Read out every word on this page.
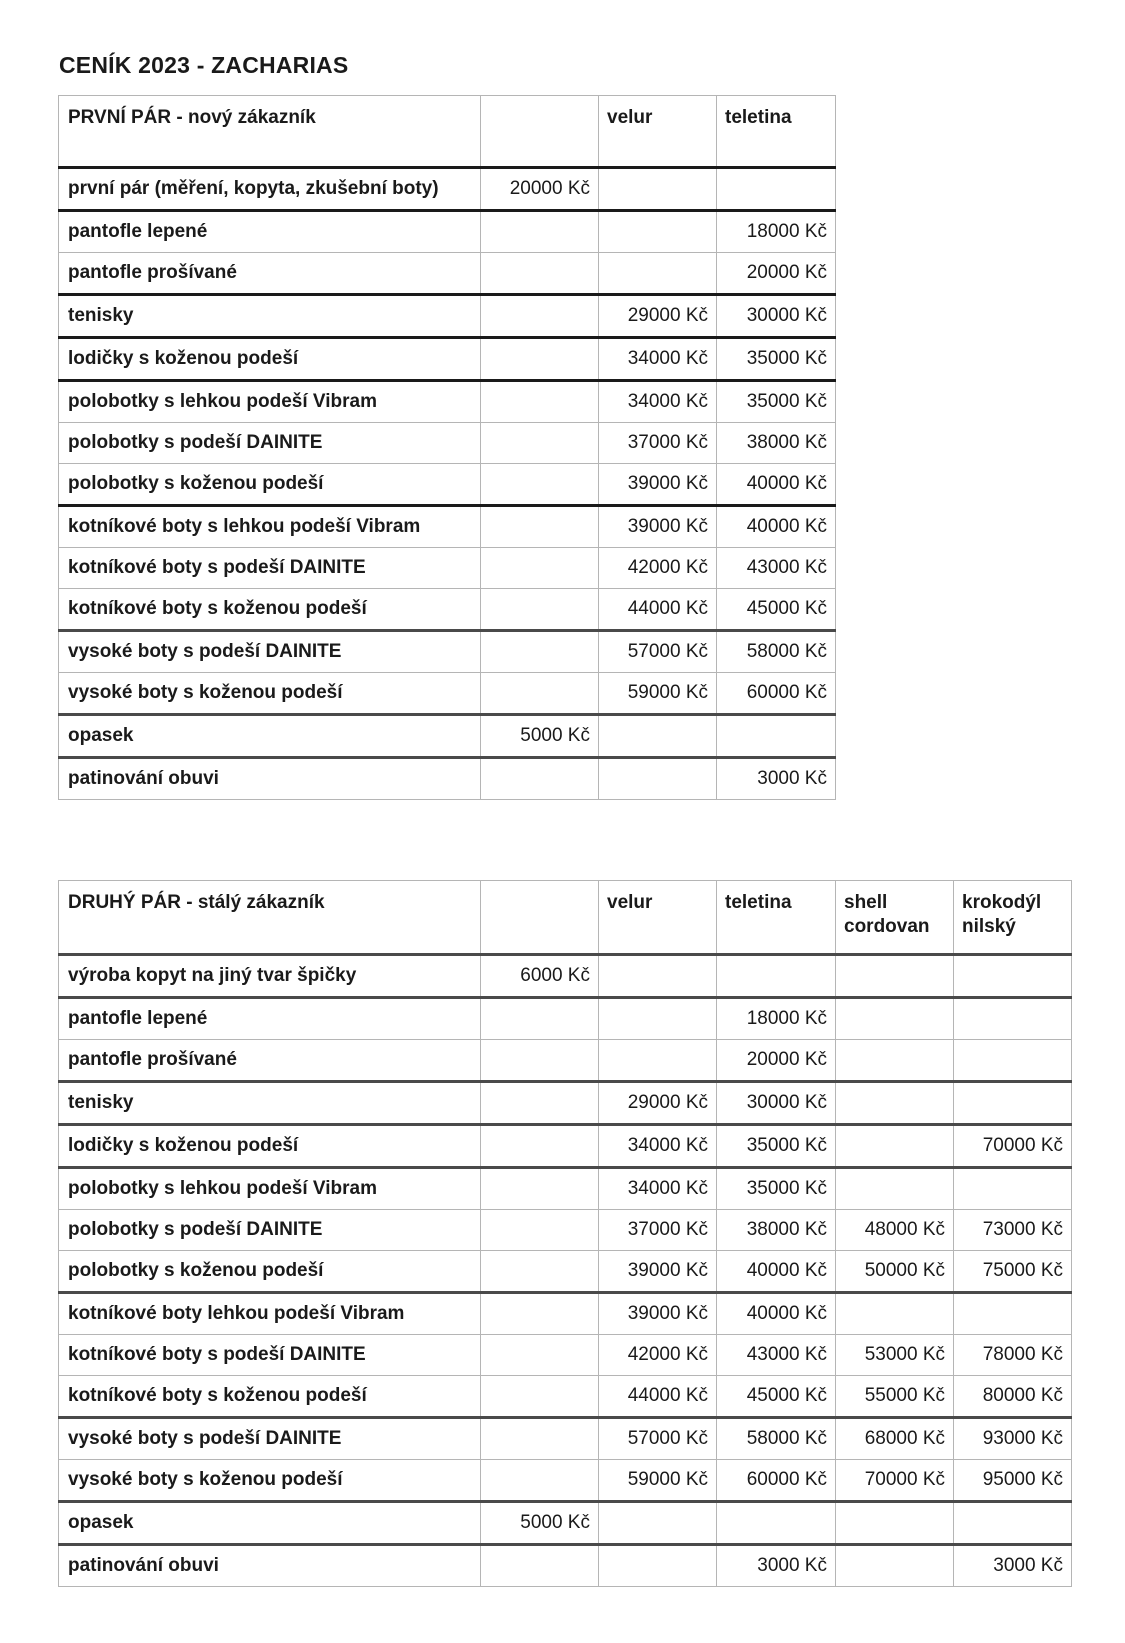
CENÍK 2023 - ZACHARIAS
PRVNÍ PÁR - nový zákazník		velur	teletina
první pár (měření, kopyta, zkušební boty)	20000 Kč		
pantofle lepené			18000 Kč
pantofle prošívané			20000 Kč
tenisky		29000 Kč	30000 Kč
lodičky s koženou podeší		34000 Kč	35000 Kč
polobotky s lehkou podeší Vibram		34000 Kč	35000 Kč
polobotky s podeší DAINITE		37000 Kč	38000 Kč
polobotky s koženou podeší		39000 Kč	40000 Kč
kotníkové boty s lehkou podeší Vibram		39000 Kč	40000 Kč
kotníkové boty s podeší DAINITE		42000 Kč	43000 Kč
kotníkové boty s koženou podeší		44000 Kč	45000 Kč
vysoké boty s podeší DAINITE		57000 Kč	58000 Kč
vysoké boty s koženou podeší		59000 Kč	60000 Kč
opasek	5000 Kč		
patinování obuvi			3000 Kč
DRUHÝ PÁR - stálý zákazník		velur	teletina	shell cordovan	krokodýl nilský
výroba kopyt na jiný tvar špičky	6000 Kč				
pantofle lepené			18000 Kč		
pantofle prošívané			20000 Kč		
tenisky		29000 Kč	30000 Kč		
lodičky s koženou podeší		34000 Kč	35000 Kč		70000 Kč
polobotky s lehkou podeší Vibram		34000 Kč	35000 Kč		
polobotky s podeší DAINITE		37000 Kč	38000 Kč	48000 Kč	73000 Kč
polobotky s koženou podeší		39000 Kč	40000 Kč	50000 Kč	75000 Kč
kotníkové boty lehkou podeší Vibram		39000 Kč	40000 Kč		
kotníkové boty s podeší DAINITE		42000 Kč	43000 Kč	53000 Kč	78000 Kč
kotníkové boty s koženou podeší		44000 Kč	45000 Kč	55000 Kč	80000 Kč
vysoké boty s podeší DAINITE		57000 Kč	58000 Kč	68000 Kč	93000 Kč
vysoké boty s koženou podeší		59000 Kč	60000 Kč	70000 Kč	95000 Kč
opasek	5000 Kč				
patinování obuvi			3000 Kč		3000 Kč
